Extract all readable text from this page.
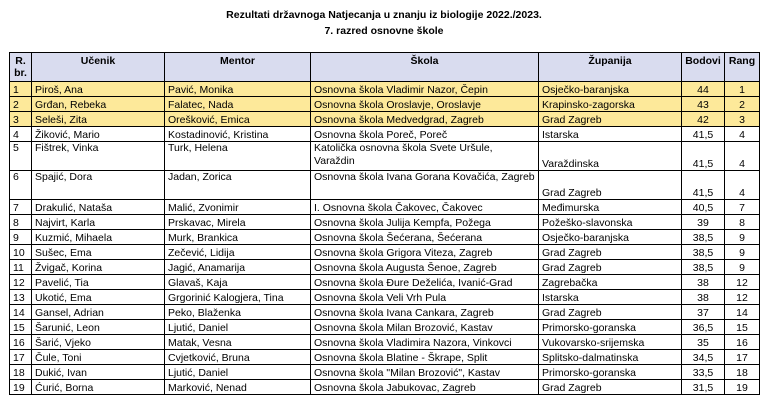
Rezultati državnoga Natjecanja u znanju iz biologije 2022./2023.
7. razred osnovne škole
R. br.	Učenik	Mentor	Škola	Županija	Bodovi	Rang
1	Piroš, Ana	Pavić, Monika	Osnovna škola Vladimir Nazor, Čepin	Osječko-baranjska	44	1
2	Grđan, Rebeka	Falatec, Nada	Osnovna škola Oroslavje, Oroslavje	Krapinsko-zagorska	43	2
3	Seleši, Zita	Orešković, Emica	Osnovna škola Medvedgrad, Zagreb	Grad Zagreb	42	3
4	Žiković, Mario	Kostadinović, Kristina	Osnovna škola Poreč, Poreč	Istarska	41,5	4
5	Fištrek, Vinka	Turk, Helena	Katolička osnovna škola Svete Uršule, Varaždin	Varaždinska	41,5	4
6	Spajić, Dora	Jadan, Zorica	Osnovna škola Ivana Gorana Kovačića, Zagreb	Grad Zagreb	41,5	4
7	Drakulić, Nataša	Malić, Zvonimir	I. Osnovna škola Čakovec, Čakovec	Međimurska	40,5	7
8	Najvirt, Karla	Prskavac, Mirela	Osnovna škola Julija Kempfa, Požega	Požeško-slavonska	39	8
9	Kuzmić, Mihaela	Murk, Brankica	Osnovna škola Šećerana, Šećerana	Osječko-baranjska	38,5	9
10	Sušec, Ema	Zečević, Lidija	Osnovna škola Grigora Viteza, Zagreb	Grad Zagreb	38,5	9
11	Žvigač, Korina	Jagić, Anamarija	Osnovna škola Augusta Šenoe, Zagreb	Grad Zagreb	38,5	9
12	Pavelić, Tia	Glavaš, Kaja	Osnovna škola Đure Deželića, Ivanić-Grad	Zagrebačka	38	12
13	Ukotić, Ema	Grgorinić Kalogjera, Tina	Osnovna škola Veli Vrh Pula	Istarska	38	12
14	Gansel, Adrian	Peko, Blaženka	Osnovna škola Ivana Cankara, Zagreb	Grad Zagreb	37	14
15	Šarunić, Leon	Ljutić, Daniel	Osnovna škola Milan Brozović, Kastav	Primorsko-goranska	36,5	15
16	Šarić, Vjeko	Matak, Vesna	Osnovna škola Vladimira Nazora, Vinkovci	Vukovarsko-srijemska	35	16
17	Čule, Toni	Cvjetković, Bruna	Osnovna škola Blatine - Škrape, Split	Splitsko-dalmatinska	34,5	17
18	Dukić, Ivan	Ljutić, Daniel	Osnovna škola "Milan Brozović", Kastav	Primorsko-goranska	33,5	18
19	Ćurić, Borna	Marković, Nenad	Osnovna škola Jabukovac, Zagreb	Grad Zagreb	31,5	19
